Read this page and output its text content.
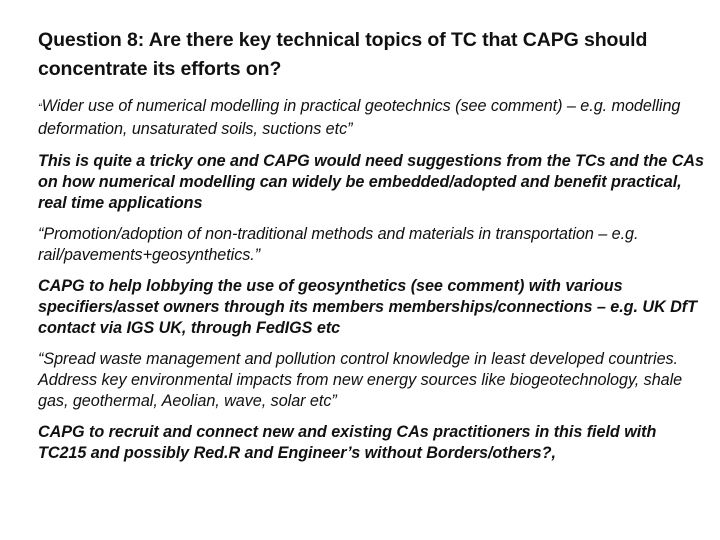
Question 8: Are there key technical topics of TC that CAPG should concentrate its efforts on?

“Wider use of numerical modelling in practical geotechnics (see comment) – e.g. modelling deformation, unsaturated soils, suctions etc”

This is quite a tricky one and CAPG would need suggestions from the TCs and the CAs on how numerical modelling can widely be embedded/adopted and benefit practical, real time applications

“Promotion/adoption of non-traditional methods and materials in transportation – e.g. rail/pavements+geosynthetics.”

CAPG to help lobbying the use of geosynthetics (see comment) with various specifiers/asset owners through its members memberships/connections – e.g. UK DfT contact via IGS UK, through FedIGS etc

“Spread waste management and pollution control knowledge in least developed countries. Address key environmental impacts from new energy sources like biogeotechnology, shale gas, geothermal, Aeolian, wave, solar etc”

CAPG to recruit and connect new and existing CAs practitioners in this field with TC215 and possibly Red.R and Engineer’s without Borders/others?,
